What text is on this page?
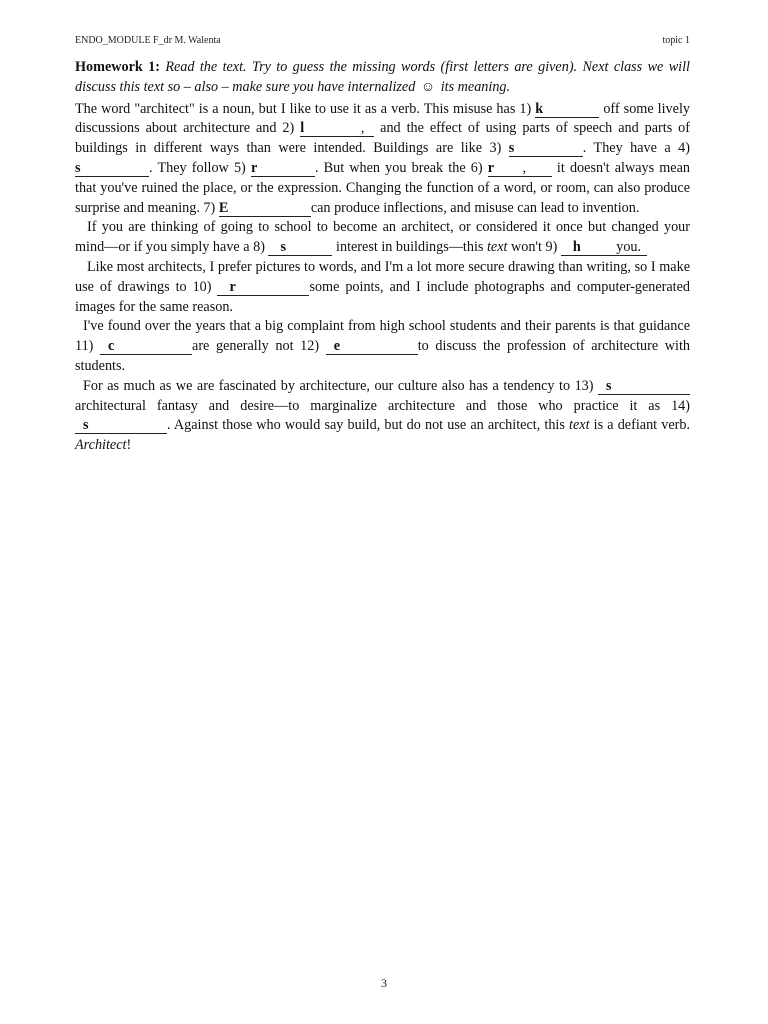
ENDO_MODULE F_dr M. Walenta	topic 1

Homework 1: Read the text. Try to guess the missing words (first letters are given). Next class we will discuss this text so – also – make sure you have internalized ☺ its meaning.

The word "architect" is a noun, but I like to use it as a verb. This misuse has 1) k	off some lively discussions about architecture and 2) l	, and the effect of using parts of speech and parts of buildings in different ways than were intended. Buildings are like 3) s	. They have a 4) s	. They follow 5) r	. But when you break the 6) r , it doesn't always mean that you've ruined the place, or the expression. Changing the function of a word, or room, can also produce surprise and meaning. 7) E	can produce inflections, and misuse can lead to invention.

If you are thinking of going to school to become an architect, or considered it once but changed your mind—or if you simply have a 8) s	interest in buildings—this text won't 9) h you.

Like most architects, I prefer pictures to words, and I'm a lot more secure drawing than writing, so I make use of drawings to 10) r	some points, and I include photographs and computer-generated images for the same reason.

I've found over the years that a big complaint from high school students and their parents is that guidance 11) c	are generally not 12) e	to discuss the profession of architecture with students.

For as much as we are fascinated by architecture, our culture also has a tendency to 13) s architectural fantasy and desire—to marginalize architecture and those who practice it as 14) s	. Against those who would say build, but do not use an architect, this text is a defiant verb. Architect!

3
